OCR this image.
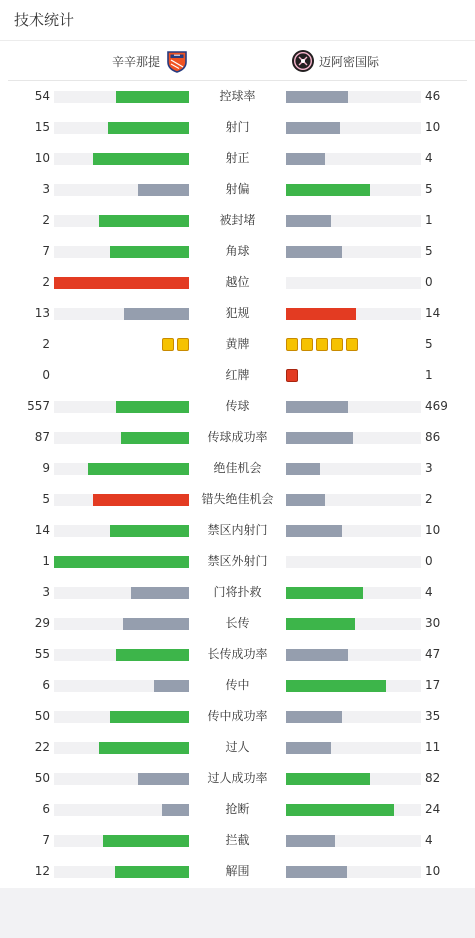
技术统计
辛辛那提	迈阿密国际
54	控球率	46
15	射门	10
10	射正	4
3	射偏	5
2	被封堵	1
7	角球	5
2	越位	0
13	犯规	14
2	黄牌	5
0	红牌	1
557	传球	469
87	传球成功率	86
9	绝佳机会	3
5	错失绝佳机会	2
14	禁区内射门	10
1	禁区外射门	0
3	门将扑救	4
29	长传	30
55	长传成功率	47
6	传中	17
50	传中成功率	35
22	过人	11
50	过人成功率	82
6	抢断	24
7	拦截	4
12	解围	10
